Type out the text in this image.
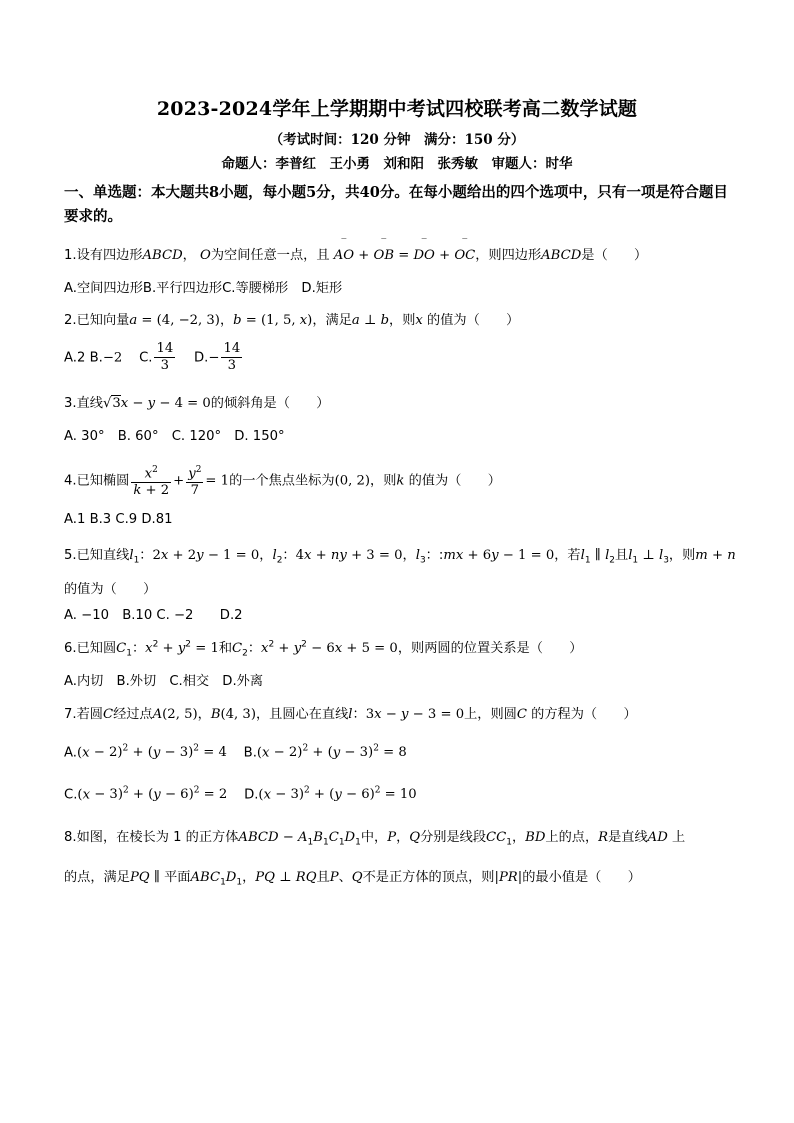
2023-2024学年上学期期中考试四校联考高二数学试题
（考试时间：120 分钟　满分：150 分）
命题人：李普红　王小勇　刘和阳　张秀敏　审题人：时华
一、单选题：本大题共8小题，每小题5分，共40分。在每小题给出的四个选项中，只有一项是符合题目要求的。
1.设有四边形ABCD， O为空间任意一点，且 ‾ AO + ‾ OB = ‾ DO + ‾ OC，则四边形ABCD是（　　）
A.空间四边形B.平行四边形C.等腰梯形　D.矩形
2.已知向量a = (4, −2, 3)，b = (1, 5, x)，满足a ⊥ b，则x 的值为（　　）
A.2 B.−2 C. $\frac{14}{3} D.- \frac{14}{3}$
3.直线√3x − y − 4 = 0的倾斜角是（　　）
A. 30°　B. 60°　C. 120°　D. 150°
4.已知椭圆 $\frac{x^2}{k + 2} + \frac{y^2}{7} = 1$的一个焦点坐标为(0, 2)，则k 的值为（　　）
A.1 B.3 C.9 D.81
5.已知直线$l_1$：2x + 2y − 1 = 0，$l_2$：4x + ny + 3 = 0，$l_3$：:mx + 6y − 1 = 0，若$l_1$ ∥ $l_2$且$l_1$ ⊥ $l_3$，则m + n
的值为（　　）
A. −10　B.10 C. −2　　D.2
6.已知圆$C_1$：$x^2 + y^2 = 1$和$C_2$：$x^2 + y^2 - 6x + 5 = 0$，则两圆的位置关系是（　　）
A.内切　B.外切　C.相交　D.外离
7.若圆C经过点A(2, 5)，B(4, 3)，且圆心在直线l：3x − y − 3 = 0上，则圆C 的方程为（　　）
$A.(x - 2)^2 + (y - 3)^2 = 4$ $B.(x - 2)^2 + (y - 3)^2 = 8$
$C.(x - 3)^2 + (y - 6)^2 = 2$ $D.(x - 3)^2 + (y - 6)^2 = 10$
8.如图，在棱长为 1 的正方体ABCD − $A_1B_1C_1D_1$中，P，Q分别是线段$CC_1$，BD上的点，R是直线AD 上
的点，满足PQ ∥ 平面$ABC_1D_1$，PQ ⊥ RQ且P、Q不是正方体的顶点，则|PR|的最小值是（　　）
